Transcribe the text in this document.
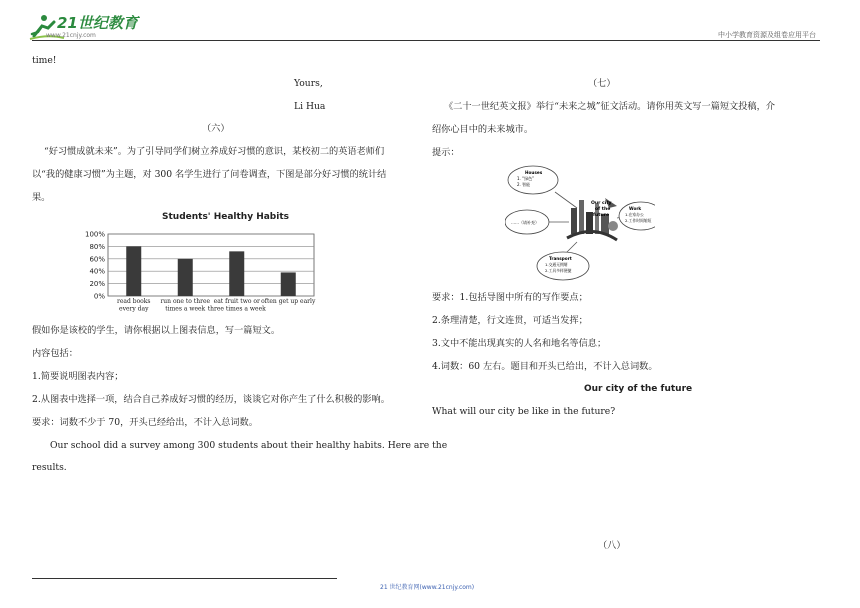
21世纪教育
www.21cnjy.com	中小学教育资源及组卷应用平台
time!
Yours,
Li Hua
（六）
“好习惯成就未来”。为了引导同学们树立养成好习惯的意识，某校初二的英语老师们
以“我的健康习惯”为主题，对 300 名学生进行了问卷调查，下图是部分好习惯的统计结
果。
Students' Healthy Habits
0%
20%
40%
60%
80%
100%
read books
every day
run one to three
times a week
eat fruit two or
three times a week
often get up early
假如你是该校的学生，请你根据以上图表信息，写一篇短文。
内容包括：
1.简要说明图表内容；
2.从图表中选择一项，结合自己养成好习惯的经历，谈谈它对你产生了什么积极的影响。
要求：词数不少于 70，开头已经给出，不计入总词数。
Our school did a survey among 300 students about their healthy habits. Here are the
results.
（七）
《二十一世纪英文报》举行“未来之城”征文活动。请你用英文写一篇短文投稿，介
绍你心目中的未来城市。
提示：
Houses
1. “绿色”
2. 智能
……（请补充）
Our city
of the
future
Work
1.在家办公
2.工作时间缩短
Transport
1.交通无拥堵
2.工具多样便捷
要求：1.包括导图中所有的写作要点；
2.条理清楚，行文连贯，可适当发挥；
3.文中不能出现真实的人名和地名等信息；
4.词数：60 左右。题目和开头已给出，不计入总词数。
Our city of the future
What will our city be like in the future?
（八）
21 世纪教育网(www.21cnjy.com)
